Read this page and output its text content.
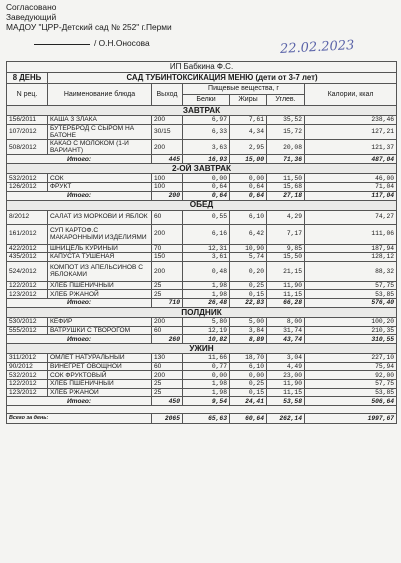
Согласовано
Заведующий
МАДОУ "ЦРР-Детский сад № 252" г.Перми
/ О.Н.Оносова	22.02.2023
ИП Бабкина Ф.С.						
8 ДЕНЬ	САД ТУБИНТОКСИКАЦИЯ МЕНЮ (дети от 3-7 лет)					
N рец.	Наименование блюда	Выход	Пищевые вещества, г			Калории, ккал
			Белки	Жиры	Углев.	
ЗАВТРАК						
156/2011	КАША 3 ЗЛАКА	200	6,97	7,61	35,52	238,46
107/2012	БУТЕРБРОД С СЫРОМ НА БАТОНЕ	30/15	6,33	4,34	15,72	127,21
508/2012	КАКАО С МОЛОКОМ (1-Й ВАРИАНТ)	200	3,63	2,95	20,08	121,37
Итого:		445	16,93	15,00	71,36	487,04
2-ОЙ ЗАВТРАК						
532/2012	СОК	100	0,00	0,00	11,50	46,00
126/2012	ФРУКТ	100	0,64	0,64	15,68	71,04
Итого:		200	0,64	0,64	27,18	117,04
ОБЕД						
8/2012	САЛАТ ИЗ МОРКОВИ И ЯБЛОК	60	0,55	6,10	4,29	74,27
161/2012	СУП КАРТОФ.С МАКАРОННЫМИ ИЗДЕЛИЯМИ	200	6,16	6,42	7,17	111,06
422/2012	ШНИЦЕЛЬ КУРИНЫЙ	70	12,31	10,90	9,85	187,94
435/2012	КАПУСТА ТУШЕНАЯ	150	3,61	5,74	15,50	128,12
524/2012	КОМПОТ ИЗ АПЕЛЬСИНОВ С ЯБЛОКАМИ	200	0,48	0,20	21,15	88,32
122/2012	ХЛЕБ ПШЕНИЧНЫЙ	25	1,98	0,25	11,90	57,75
123/2012	ХЛЕБ РЖАНОЙ	25	1,98	0,15	11,15	53,85
Итого:		710	26,48	22,83	66,28	576,40
ПОЛДНИК						
530/2012	КЕФИР	200	5,80	5,00	8,00	100,20
555/2012	ВАТРУШКИ С ТВОРОГОМ	60	12,19	3,84	31,74	210,35
Итого:		260	10,82	8,89	43,74	310,55
УЖИН						
311/2012	ОМЛЕТ НАТУРАЛЬНЫЙ	130	11,66	18,70	3,04	227,10
90/2012	ВИНЕГРЕТ ОВОЩНОЙ	60	0,77	6,10	4,49	75,94
532/2012	СОК ФРУКТОВЫЙ	200	0,00	0,00	23,00	92,00
122/2012	ХЛЕБ ПШЕНИЧНЫЙ	25	1,98	0,25	11,90	57,75
123/2012	ХЛЕБ РЖАНОЙ	25	1,98	0,15	11,15	53,85
Итого:		450	9,54	24,41	53,58	506,64

Всего за день:		2065	65,63	60,64	262,14	1997,67
